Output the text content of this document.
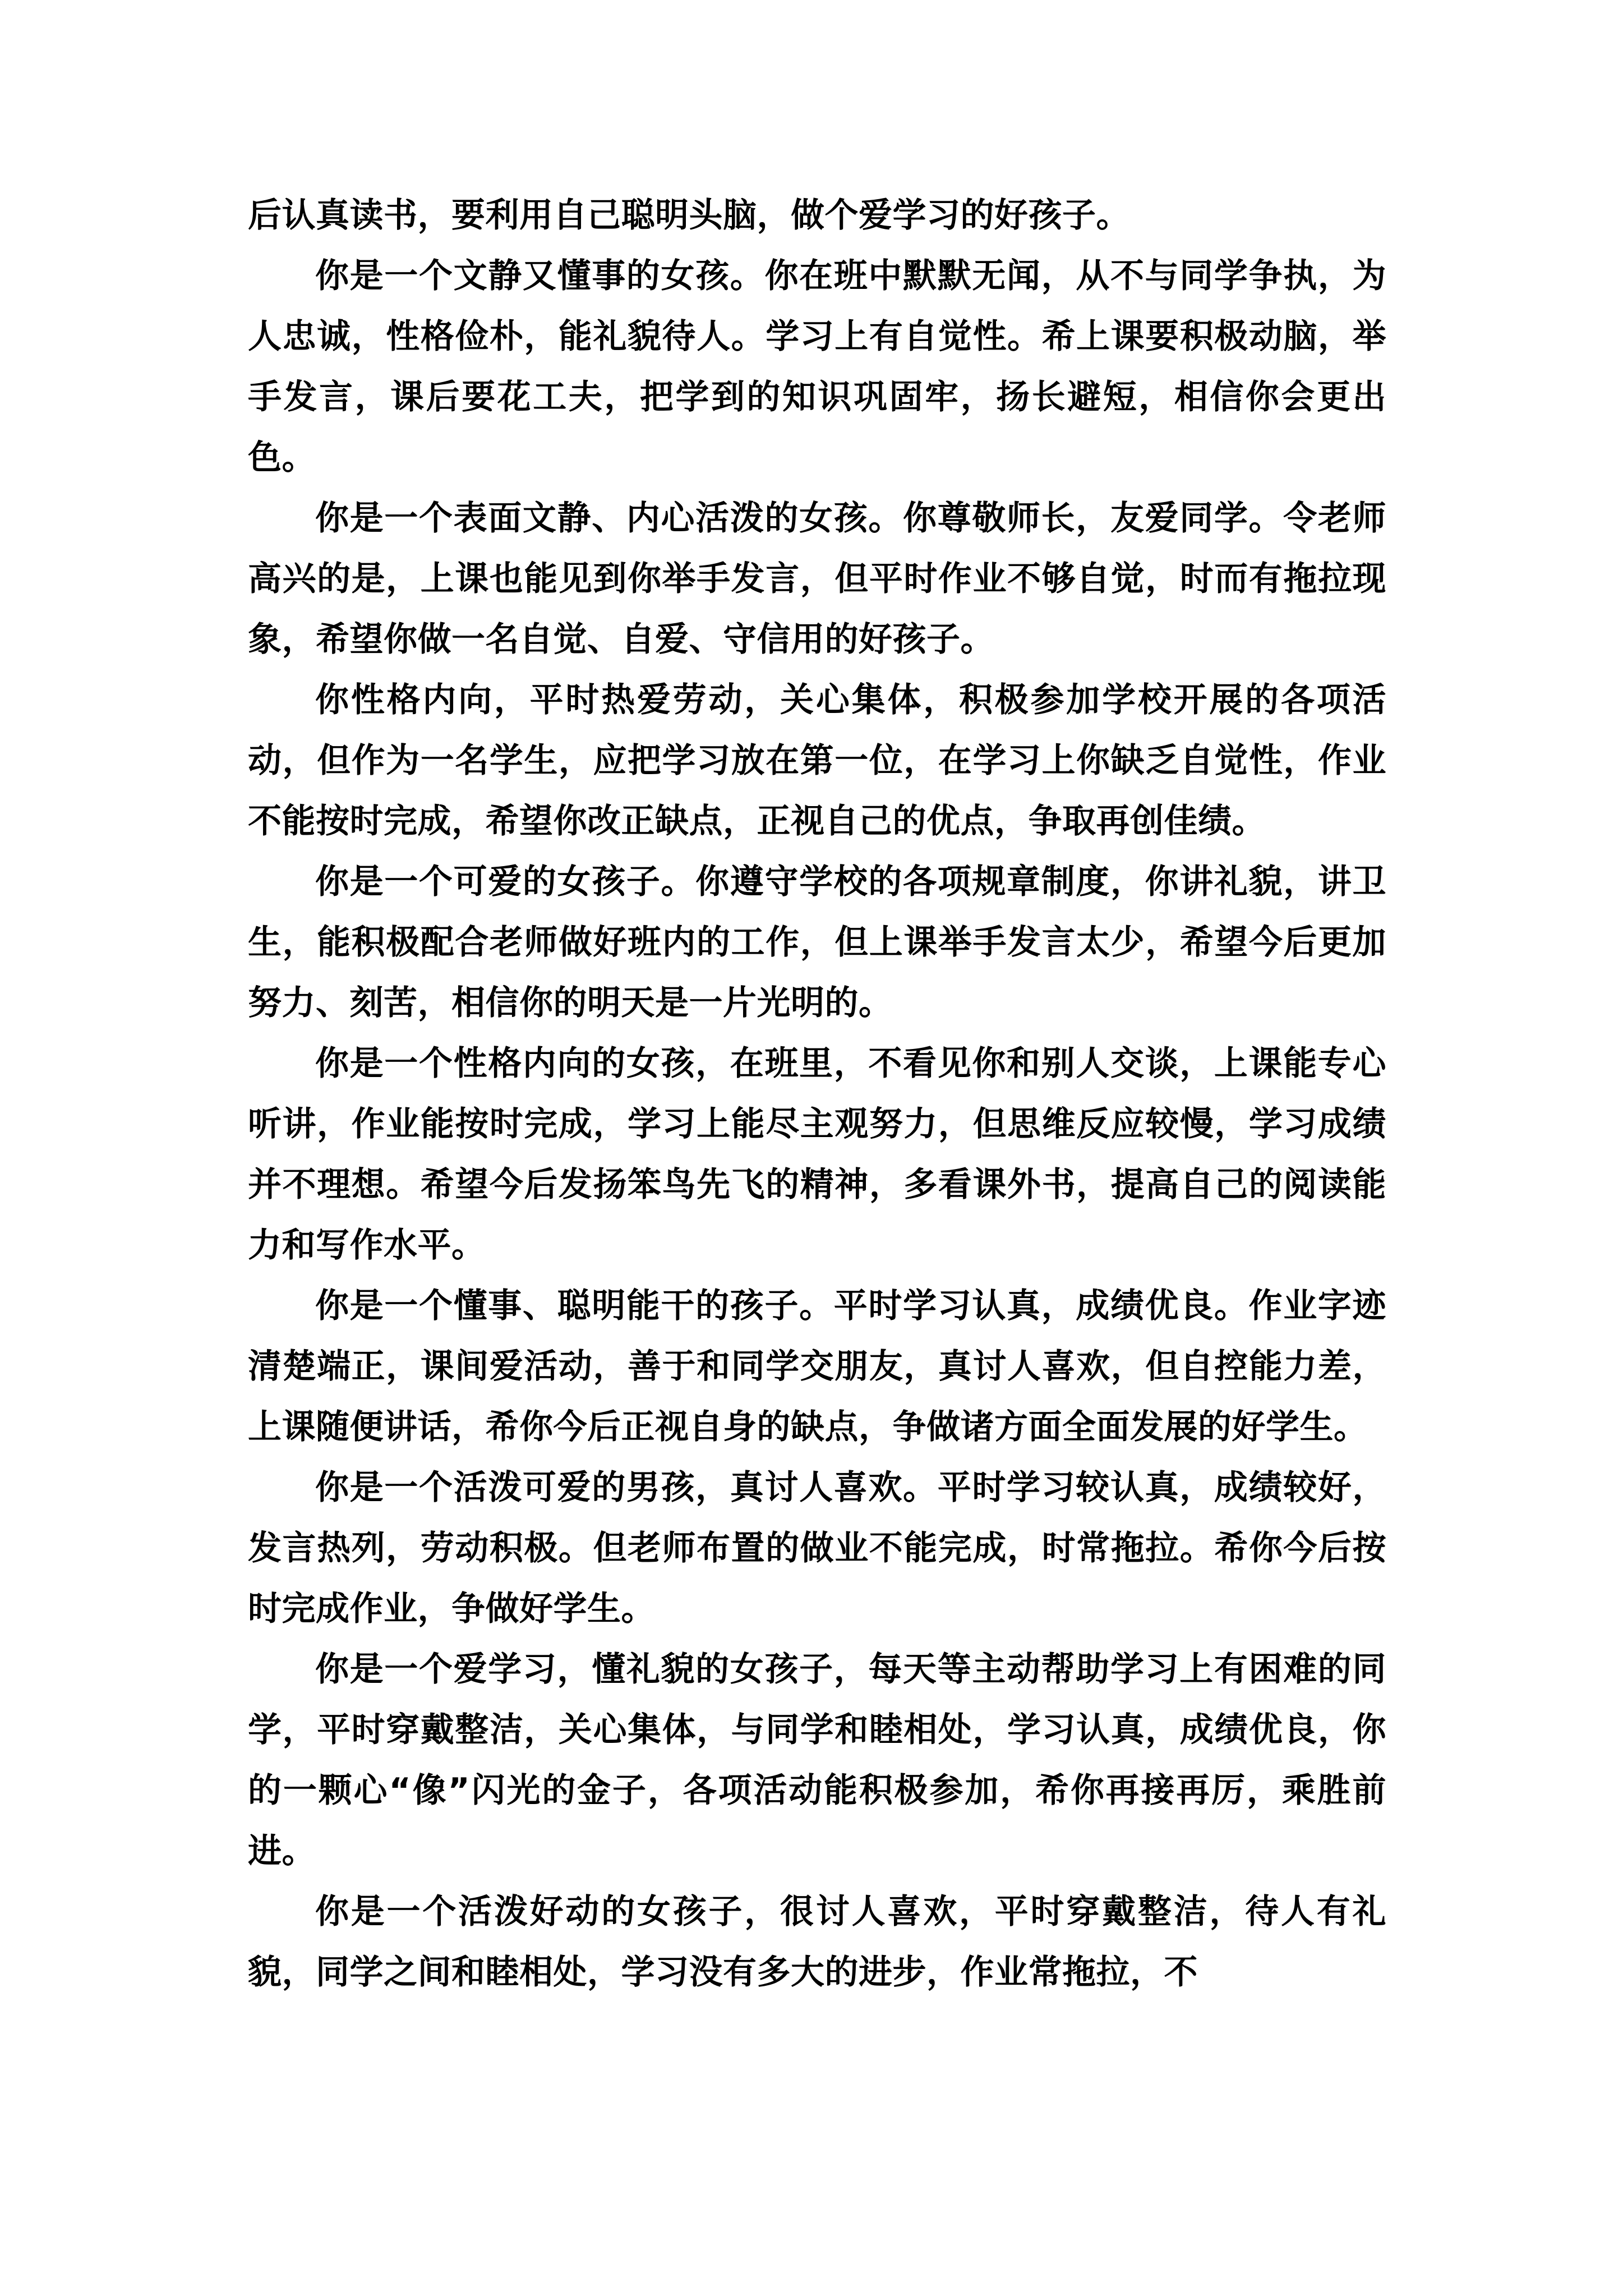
后认真读书，要利用自己聪明头脑，做个爱学习的好孩子。

你是一个文静又懂事的女孩。你在班中默默无闻，从不与同学争执，为人忠诚，性格俭朴，能礼貌待人。学习上有自觉性。希上课要积极动脑，举手发言，课后要花工夫，把学到的知识巩固牢，扬长避短，相信你会更出色。

你是一个表面文静、内心活泼的女孩。你尊敬师长，友爱同学。令老师高兴的是，上课也能见到你举手发言，但平时作业不够自觉，时而有拖拉现象，希望你做一名自觉、自爱、守信用的好孩子。

你性格内向，平时热爱劳动，关心集体，积极参加学校开展的各项活动，但作为一名学生，应把学习放在第一位，在学习上你缺乏自觉性，作业不能按时完成，希望你改正缺点，正视自己的优点，争取再创佳绩。

你是一个可爱的女孩子。你遵守学校的各项规章制度，你讲礼貌，讲卫生，能积极配合老师做好班内的工作，但上课举手发言太少，希望今后更加努力、刻苦，相信你的明天是一片光明的。

你是一个性格内向的女孩，在班里，不看见你和别人交谈，上课能专心听讲，作业能按时完成，学习上能尽主观努力，但思维反应较慢，学习成绩并不理想。希望今后发扬笨鸟先飞的精神，多看课外书，提高自己的阅读能力和写作水平。

你是一个懂事、聪明能干的孩子。平时学习认真，成绩优良。作业字迹清楚端正，课间爱活动，善于和同学交朋友，真讨人喜欢，但自控能力差，上课随便讲话，希你今后正视自身的缺点，争做诸方面全面发展的好学生。

你是一个活泼可爱的男孩，真讨人喜欢。平时学习较认真，成绩较好，发言热列，劳动积极。但老师布置的做业不能完成，时常拖拉。希你今后按时完成作业，争做好学生。

你是一个爱学习，懂礼貌的女孩子，每天等主动帮助学习上有困难的同学，平时穿戴整洁，关心集体，与同学和睦相处，学习认真，成绩优良，你的一颗心“像”闪光的金子，各项活动能积极参加，希你再接再厉，乘胜前进。

你是一个活泼好动的女孩子，很讨人喜欢，平时穿戴整洁，待人有礼貌，同学之间和睦相处，学习没有多大的进步，作业常拖拉，不
